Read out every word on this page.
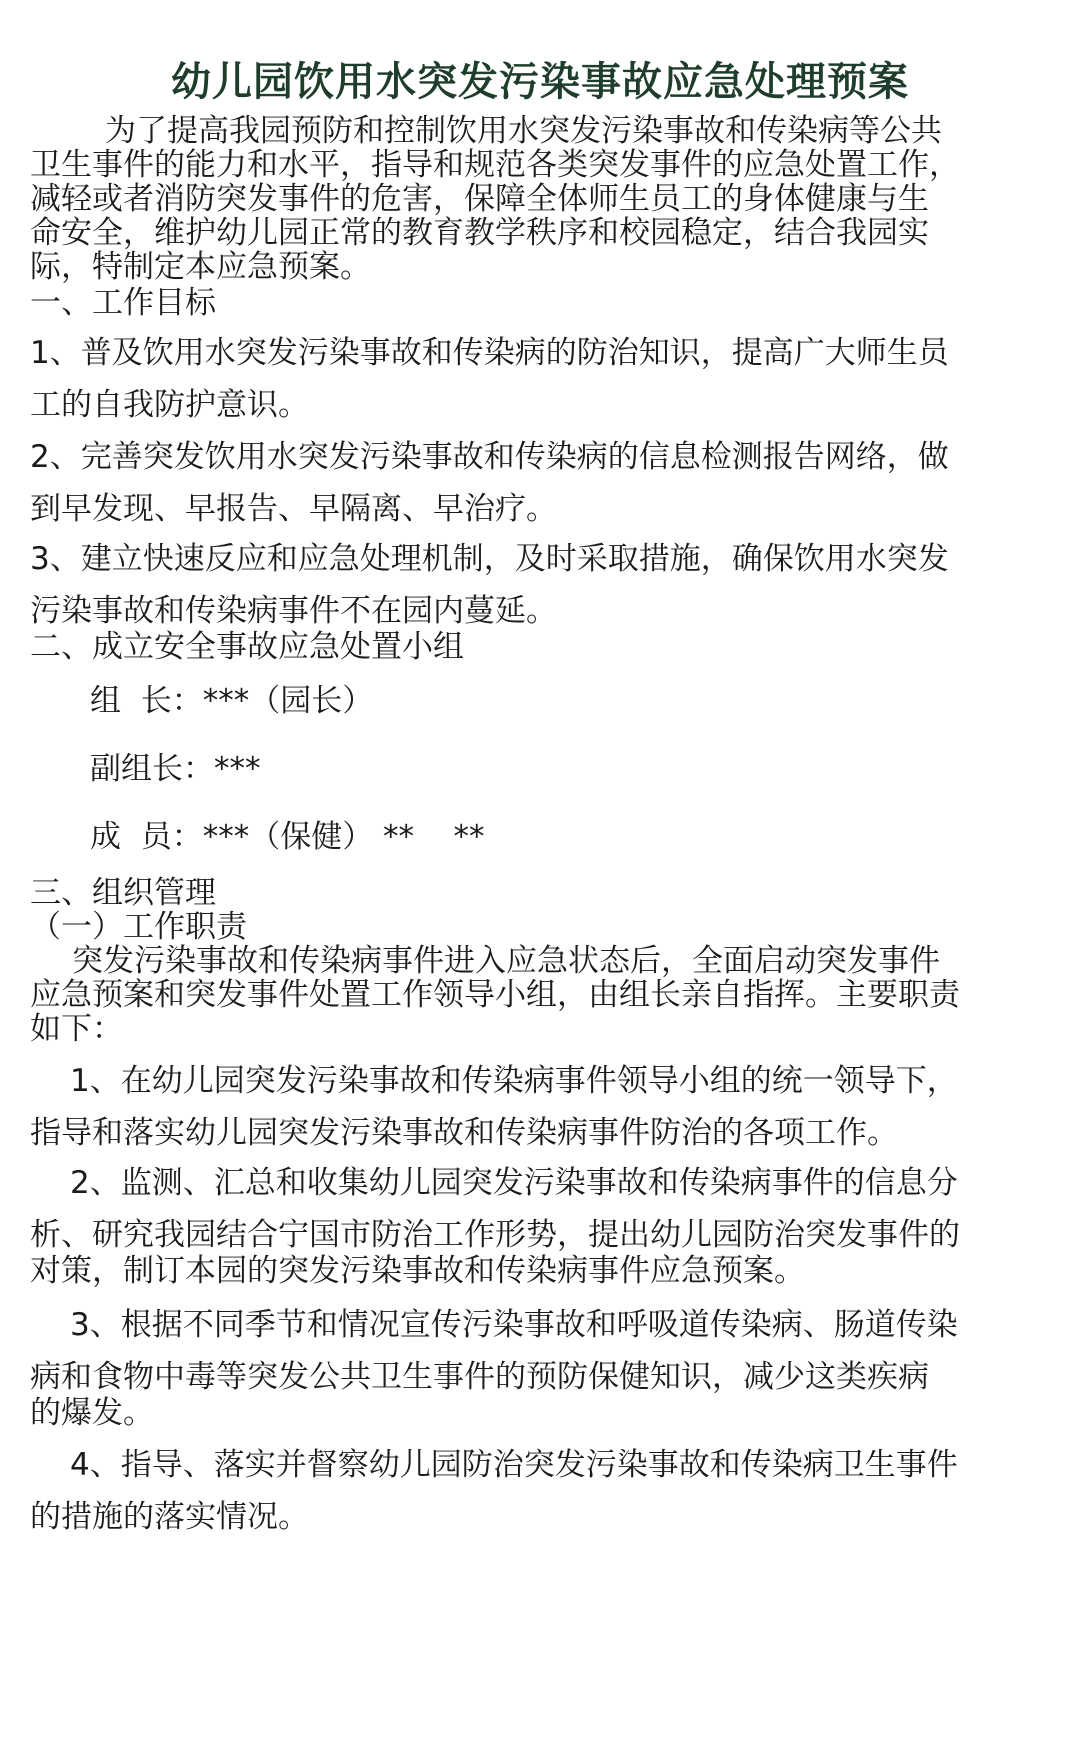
幼儿园饮用水突发污染事故应急处理预案
为了提高我园预防和控制饮用水突发污染事故和传染病等公共
卫生事件的能力和水平，指导和规范各类突发事件的应急处置工作，
减轻或者消防突发事件的危害，保障全体师生员工的身体健康与生
命安全，维护幼儿园正常的教育教学秩序和校园稳定，结合我园实
际，特制定本应急预案。
一、工作目标
1、普及饮用水突发污染事故和传染病的防治知识，提高广大师生员
工的自我防护意识。
2、完善突发饮用水突发污染事故和传染病的信息检测报告网络，做
到早发现、早报告、早隔离、早治疗。
3、建立快速反应和应急处理机制，及时采取措施，确保饮用水突发
污染事故和传染病事件不在园内蔓延。
二、成立安全事故应急处置小组
组  长：***（园长）
副组长：***
成  员：***（保健） **    **
三、组织管理
（一）工作职责
突发污染事故和传染病事件进入应急状态后，全面启动突发事件
应急预案和突发事件处置工作领导小组，由组长亲自指挥。主要职责
如下：
1、在幼儿园突发污染事故和传染病事件领导小组的统一领导下，
指导和落实幼儿园突发污染事故和传染病事件防治的各项工作。
2、监测、汇总和收集幼儿园突发污染事故和传染病事件的信息分
析、研究我园结合宁国市防治工作形势，提出幼儿园防治突发事件的
对策，制订本园的突发污染事故和传染病事件应急预案。
3、根据不同季节和情况宣传污染事故和呼吸道传染病、肠道传染
病和食物中毒等突发公共卫生事件的预防保健知识，减少这类疾病
的爆发。
4、指导、落实并督察幼儿园防治突发污染事故和传染病卫生事件
的措施的落实情况。
